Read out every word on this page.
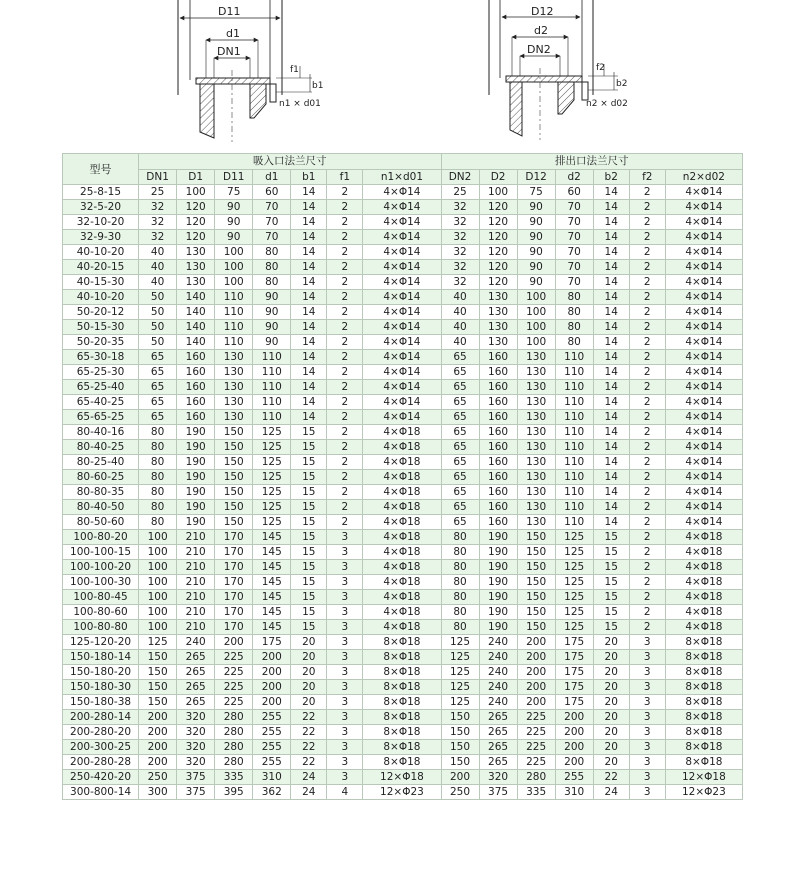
D11
d1
DN1
f1
b1
n1 × d01
D12
d2
DN2
f2
b2
n2 × d02
型号	吸入口法兰尺寸							排出口法兰尺寸						
	DN1	D1	D11	d1	b1	f1	n1×d01	DN2	D2	D12	d2	b2	f2	n2×d02
25-8-15	25	100	75	60	14	2	4×Φ14	25	100	75	60	14	2	4×Φ14
32-5-20	32	120	90	70	14	2	4×Φ14	32	120	90	70	14	2	4×Φ14
32-10-20	32	120	90	70	14	2	4×Φ14	32	120	90	70	14	2	4×Φ14
32-9-30	32	120	90	70	14	2	4×Φ14	32	120	90	70	14	2	4×Φ14
40-10-20	40	130	100	80	14	2	4×Φ14	32	120	90	70	14	2	4×Φ14
40-20-15	40	130	100	80	14	2	4×Φ14	32	120	90	70	14	2	4×Φ14
40-15-30	40	130	100	80	14	2	4×Φ14	32	120	90	70	14	2	4×Φ14
40-10-20	50	140	110	90	14	2	4×Φ14	40	130	100	80	14	2	4×Φ14
50-20-12	50	140	110	90	14	2	4×Φ14	40	130	100	80	14	2	4×Φ14
50-15-30	50	140	110	90	14	2	4×Φ14	40	130	100	80	14	2	4×Φ14
50-20-35	50	140	110	90	14	2	4×Φ14	40	130	100	80	14	2	4×Φ14
65-30-18	65	160	130	110	14	2	4×Φ14	65	160	130	110	14	2	4×Φ14
65-25-30	65	160	130	110	14	2	4×Φ14	65	160	130	110	14	2	4×Φ14
65-25-40	65	160	130	110	14	2	4×Φ14	65	160	130	110	14	2	4×Φ14
65-40-25	65	160	130	110	14	2	4×Φ14	65	160	130	110	14	2	4×Φ14
65-65-25	65	160	130	110	14	2	4×Φ14	65	160	130	110	14	2	4×Φ14
80-40-16	80	190	150	125	15	2	4×Φ18	65	160	130	110	14	2	4×Φ14
80-40-25	80	190	150	125	15	2	4×Φ18	65	160	130	110	14	2	4×Φ14
80-25-40	80	190	150	125	15	2	4×Φ18	65	160	130	110	14	2	4×Φ14
80-60-25	80	190	150	125	15	2	4×Φ18	65	160	130	110	14	2	4×Φ14
80-80-35	80	190	150	125	15	2	4×Φ18	65	160	130	110	14	2	4×Φ14
80-40-50	80	190	150	125	15	2	4×Φ18	65	160	130	110	14	2	4×Φ14
80-50-60	80	190	150	125	15	2	4×Φ18	65	160	130	110	14	2	4×Φ14
100-80-20	100	210	170	145	15	3	4×Φ18	80	190	150	125	15	2	4×Φ18
100-100-15	100	210	170	145	15	3	4×Φ18	80	190	150	125	15	2	4×Φ18
100-100-20	100	210	170	145	15	3	4×Φ18	80	190	150	125	15	2	4×Φ18
100-100-30	100	210	170	145	15	3	4×Φ18	80	190	150	125	15	2	4×Φ18
100-80-45	100	210	170	145	15	3	4×Φ18	80	190	150	125	15	2	4×Φ18
100-80-60	100	210	170	145	15	3	4×Φ18	80	190	150	125	15	2	4×Φ18
100-80-80	100	210	170	145	15	3	4×Φ18	80	190	150	125	15	2	4×Φ18
125-120-20	125	240	200	175	20	3	8×Φ18	125	240	200	175	20	3	8×Φ18
150-180-14	150	265	225	200	20	3	8×Φ18	125	240	200	175	20	3	8×Φ18
150-180-20	150	265	225	200	20	3	8×Φ18	125	240	200	175	20	3	8×Φ18
150-180-30	150	265	225	200	20	3	8×Φ18	125	240	200	175	20	3	8×Φ18
150-180-38	150	265	225	200	20	3	8×Φ18	125	240	200	175	20	3	8×Φ18
200-280-14	200	320	280	255	22	3	8×Φ18	150	265	225	200	20	3	8×Φ18
200-280-20	200	320	280	255	22	3	8×Φ18	150	265	225	200	20	3	8×Φ18
200-300-25	200	320	280	255	22	3	8×Φ18	150	265	225	200	20	3	8×Φ18
200-280-28	200	320	280	255	22	3	8×Φ18	150	265	225	200	20	3	8×Φ18
250-420-20	250	375	335	310	24	3	12×Φ18	200	320	280	255	22	3	12×Φ18
300-800-14	300	375	395	362	24	4	12×Φ23	250	375	335	310	24	3	12×Φ23
